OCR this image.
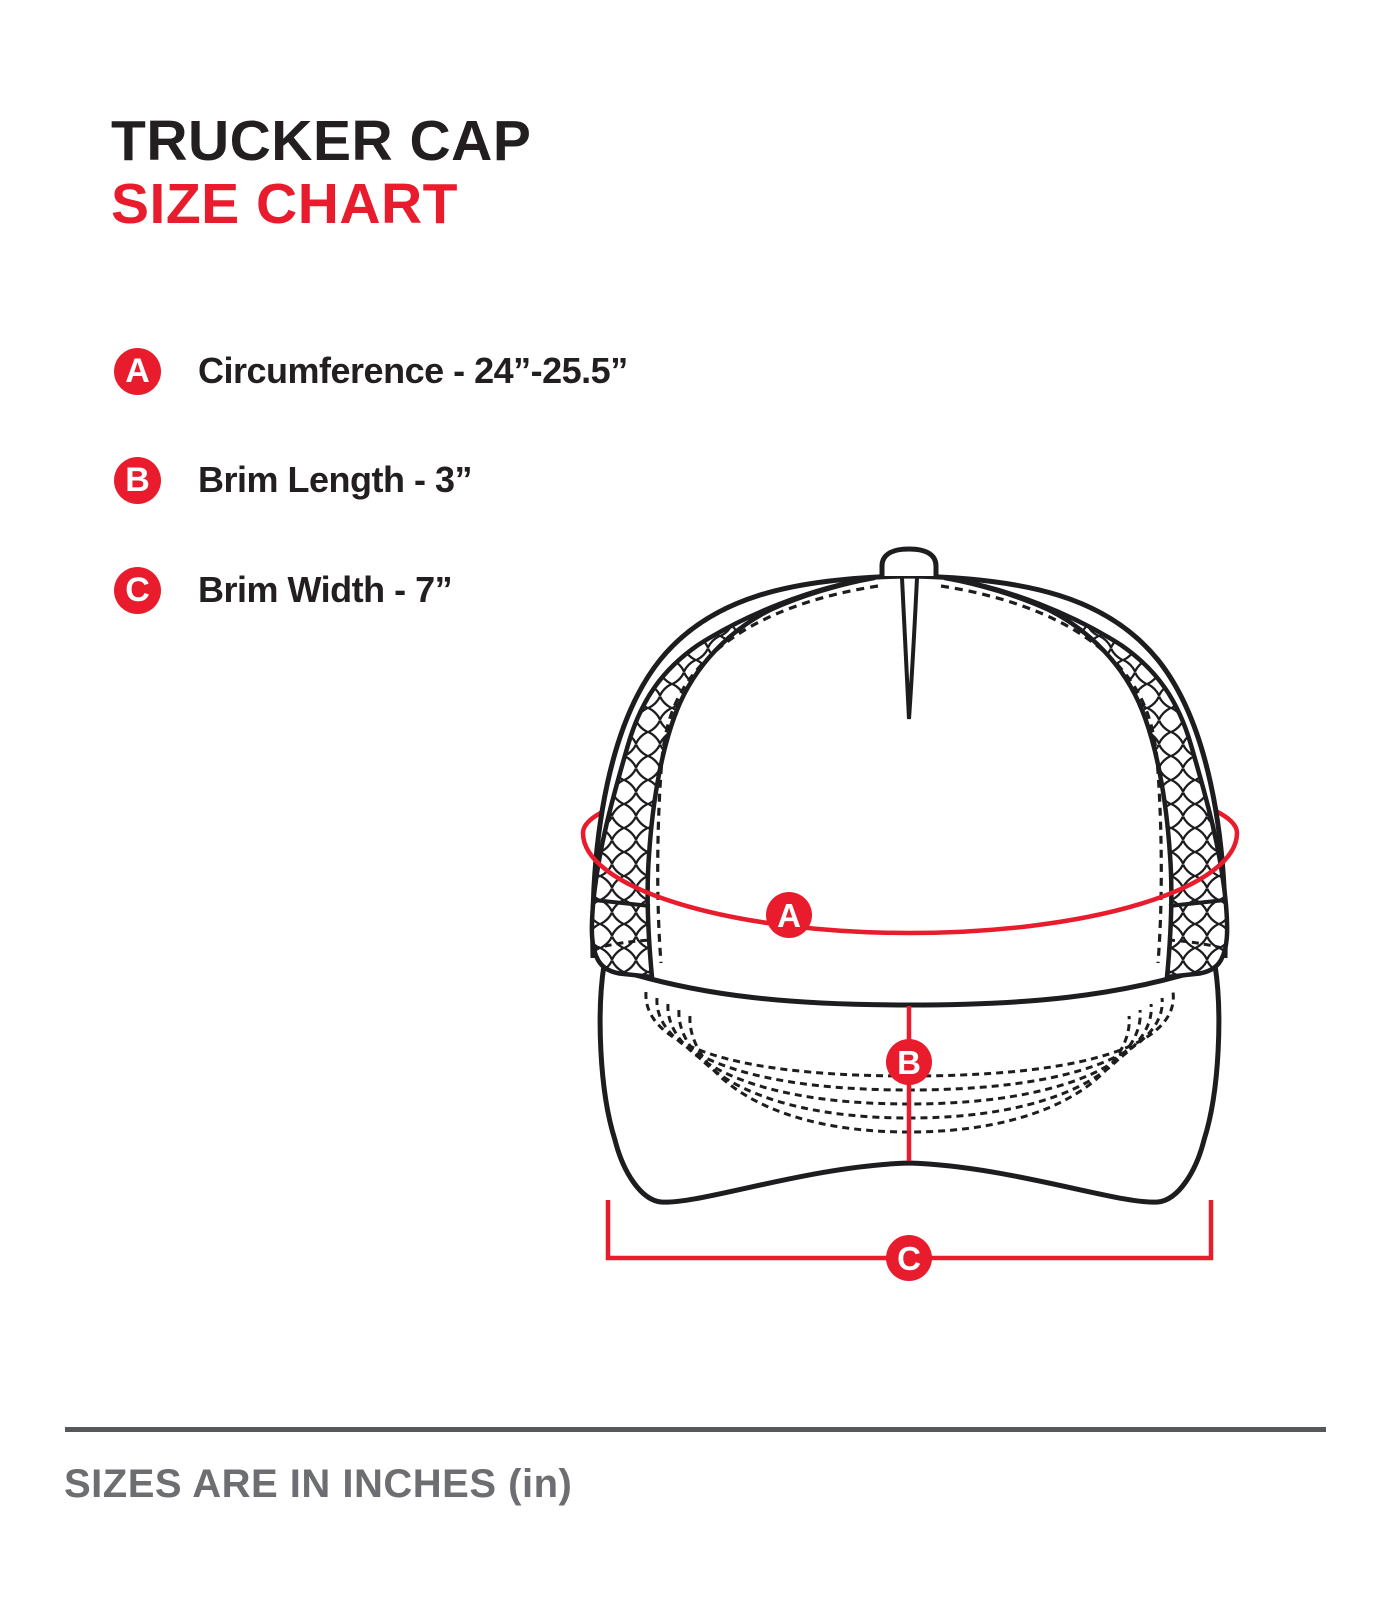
A
B
C
TRUCKER CAP
SIZE CHART
A	Circumference - 24”-25.5”
B	Brim Length - 3”
C	Brim Width - 7”
SIZES ARE IN INCHES (in)
